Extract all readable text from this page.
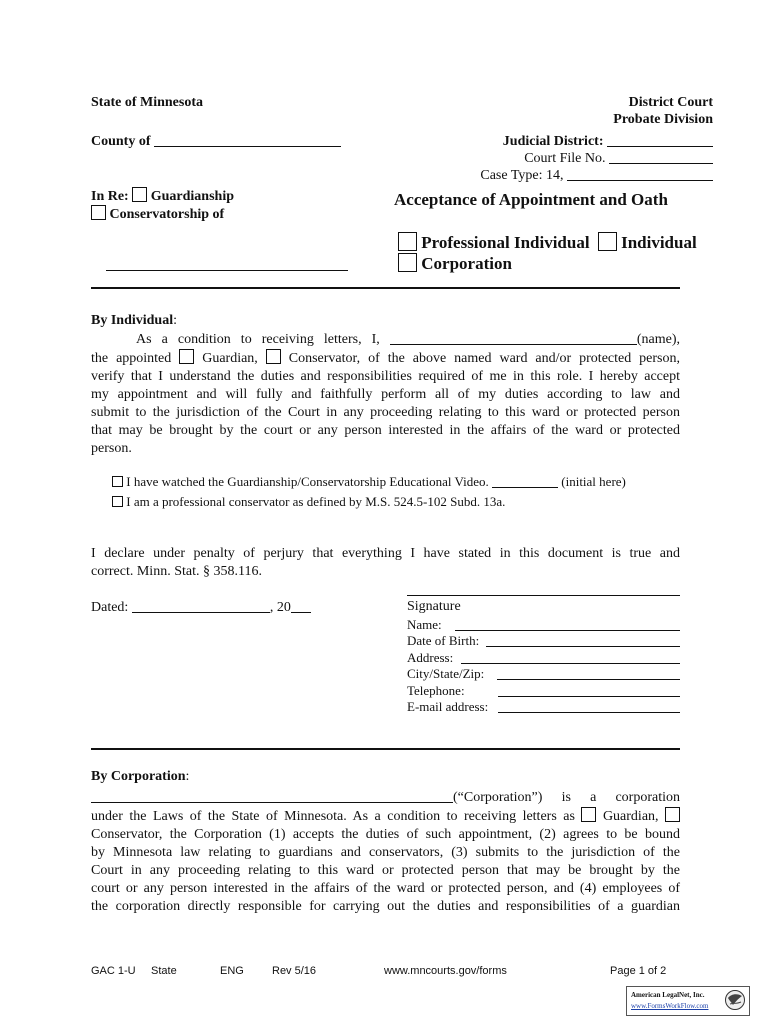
State of Minnesota	District Court
Probate Division
County of	Judicial District:
Court File No.
Case Type: 14,
In Re: Guardianship
Conservatorship of
Acceptance of Appointment and Oath
Professional Individual Individual
Corporation
By Individual:
As a condition to receiving letters, I,	(name),
the appointed Guardian, Conservator, of the above named ward and/or protected person,
verify that I understand the duties and responsibilities required of me in this role. I hereby accept
my appointment and will fully and faithfully perform all of my duties according to law and
submit to the jurisdiction of the Court in any proceeding relating to this ward or protected person
that may be brought by the court or any person interested in the affairs of the ward or protected
person.
I have watched the Guardianship/Conservatorship Educational Video.	(initial here)
I am a professional conservator as defined by M.S. 524.5-102 Subd. 13a.
I declare under penalty of perjury that everything I have stated in this document is true and
correct. Minn. Stat. § 358.116.
Dated:	, 20	Signature
Name:
Date of Birth:
Address:
City/State/Zip:
Telephone:
E-mail address:
By Corporation:
(“Corporation”) is a corporation
under the Laws of the State of Minnesota. As a condition to receiving letters as Guardian,
Conservator, the Corporation (1) accepts the duties of such appointment, (2) agrees to be bound
by Minnesota law relating to guardians and conservators, (3) submits to the jurisdiction of the
Court in any proceeding relating to this ward or protected person that may be brought by the
court or any person interested in the affairs of the ward or protected person, and (4) employees of
the corporation directly responsible for carrying out the duties and responsibilities of a guardian
GAC 1-U State	ENG	Rev 5/16	www.mncourts.gov/forms	Page 1 of 2
American LegalNet, Inc.
www.FormsWorkFlow.com
